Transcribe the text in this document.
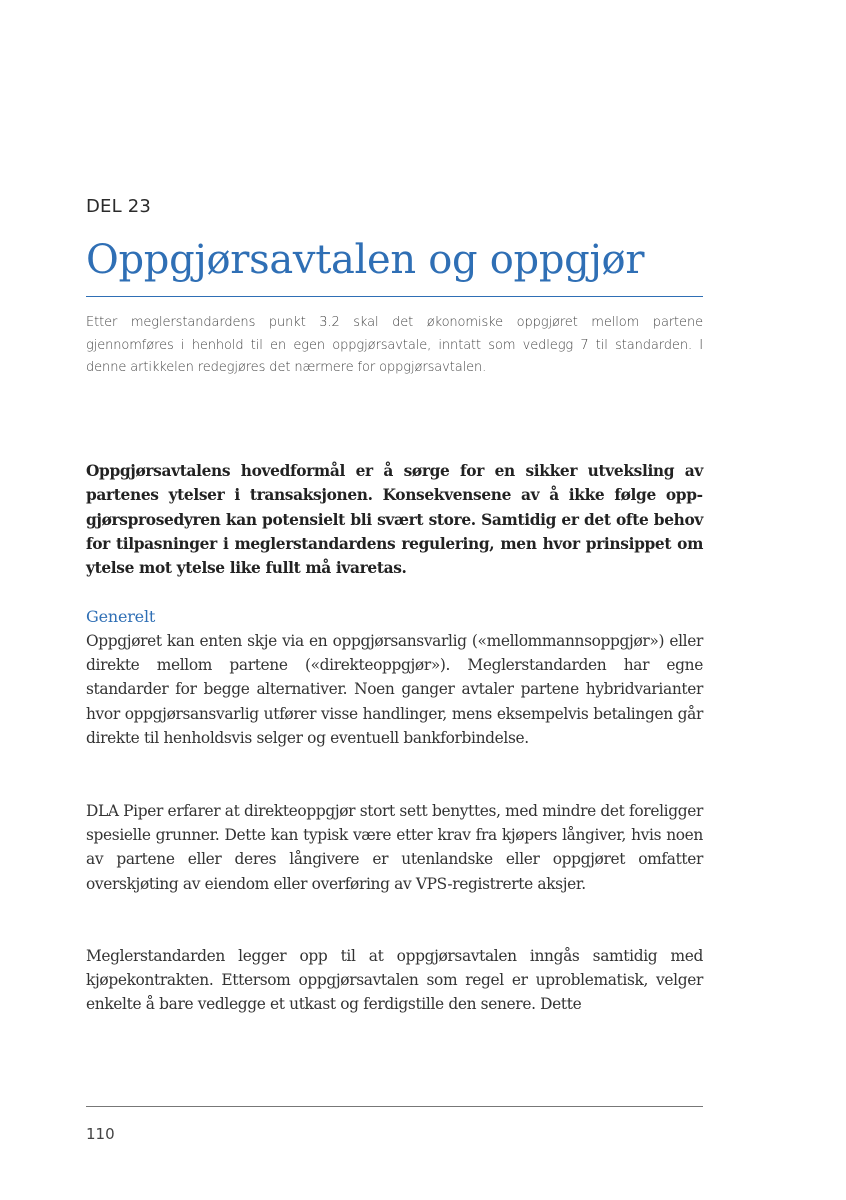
DEL 23
Oppgjørsavtalen og oppgjør
Etter meglerstandardens punkt 3.2 skal det økonomiske oppgjøret mellom partene gjennomføres i henhold til en egen oppgjørsavtale, inntatt som vedlegg 7 til standarden. I denne artikkelen redegjøres det nærmere for oppgjørsavtalen.
Oppgjørsavtalens hovedformål er å sørge for en sikker utveksling av partenes ytelser i transaksjonen. Konsekvensene av å ikke følge oppgjørsprosedyren kan potensielt bli svært store. Samtidig er det ofte behov for tilpasninger i meglerstandardens regulering, men hvor prinsippet om ytelse mot ytelse like fullt må ivaretas.
Generelt
Oppgjøret kan enten skje via en oppgjørsansvarlig («mellommannsoppgjør») eller direkte mellom partene («direkteoppgjør»). Meglerstandarden har egne standarder for begge alternativer. Noen ganger avtaler partene hybridvarianter hvor oppgjørsansvarlig utfører visse handlinger, mens eksempelvis betalingen går direkte til henholdsvis selger og eventuell bankforbindelse.
DLA Piper erfarer at direkteoppgjør stort sett benyttes, med mindre det foreligger spesielle grunner. Dette kan typisk være etter krav fra kjøpers långiver, hvis noen av partene eller deres långivere er utenlandske eller oppgjøret omfatter overskjøting av eiendom eller overføring av VPS-registrerte aksjer.
Meglerstandarden legger opp til at oppgjørsavtalen inngås samtidig med kjøpekontrakten. Ettersom oppgjørsavtalen som regel er uproblematisk, velger enkelte å bare vedlegge et utkast og ferdigstille den senere. Dette
110
